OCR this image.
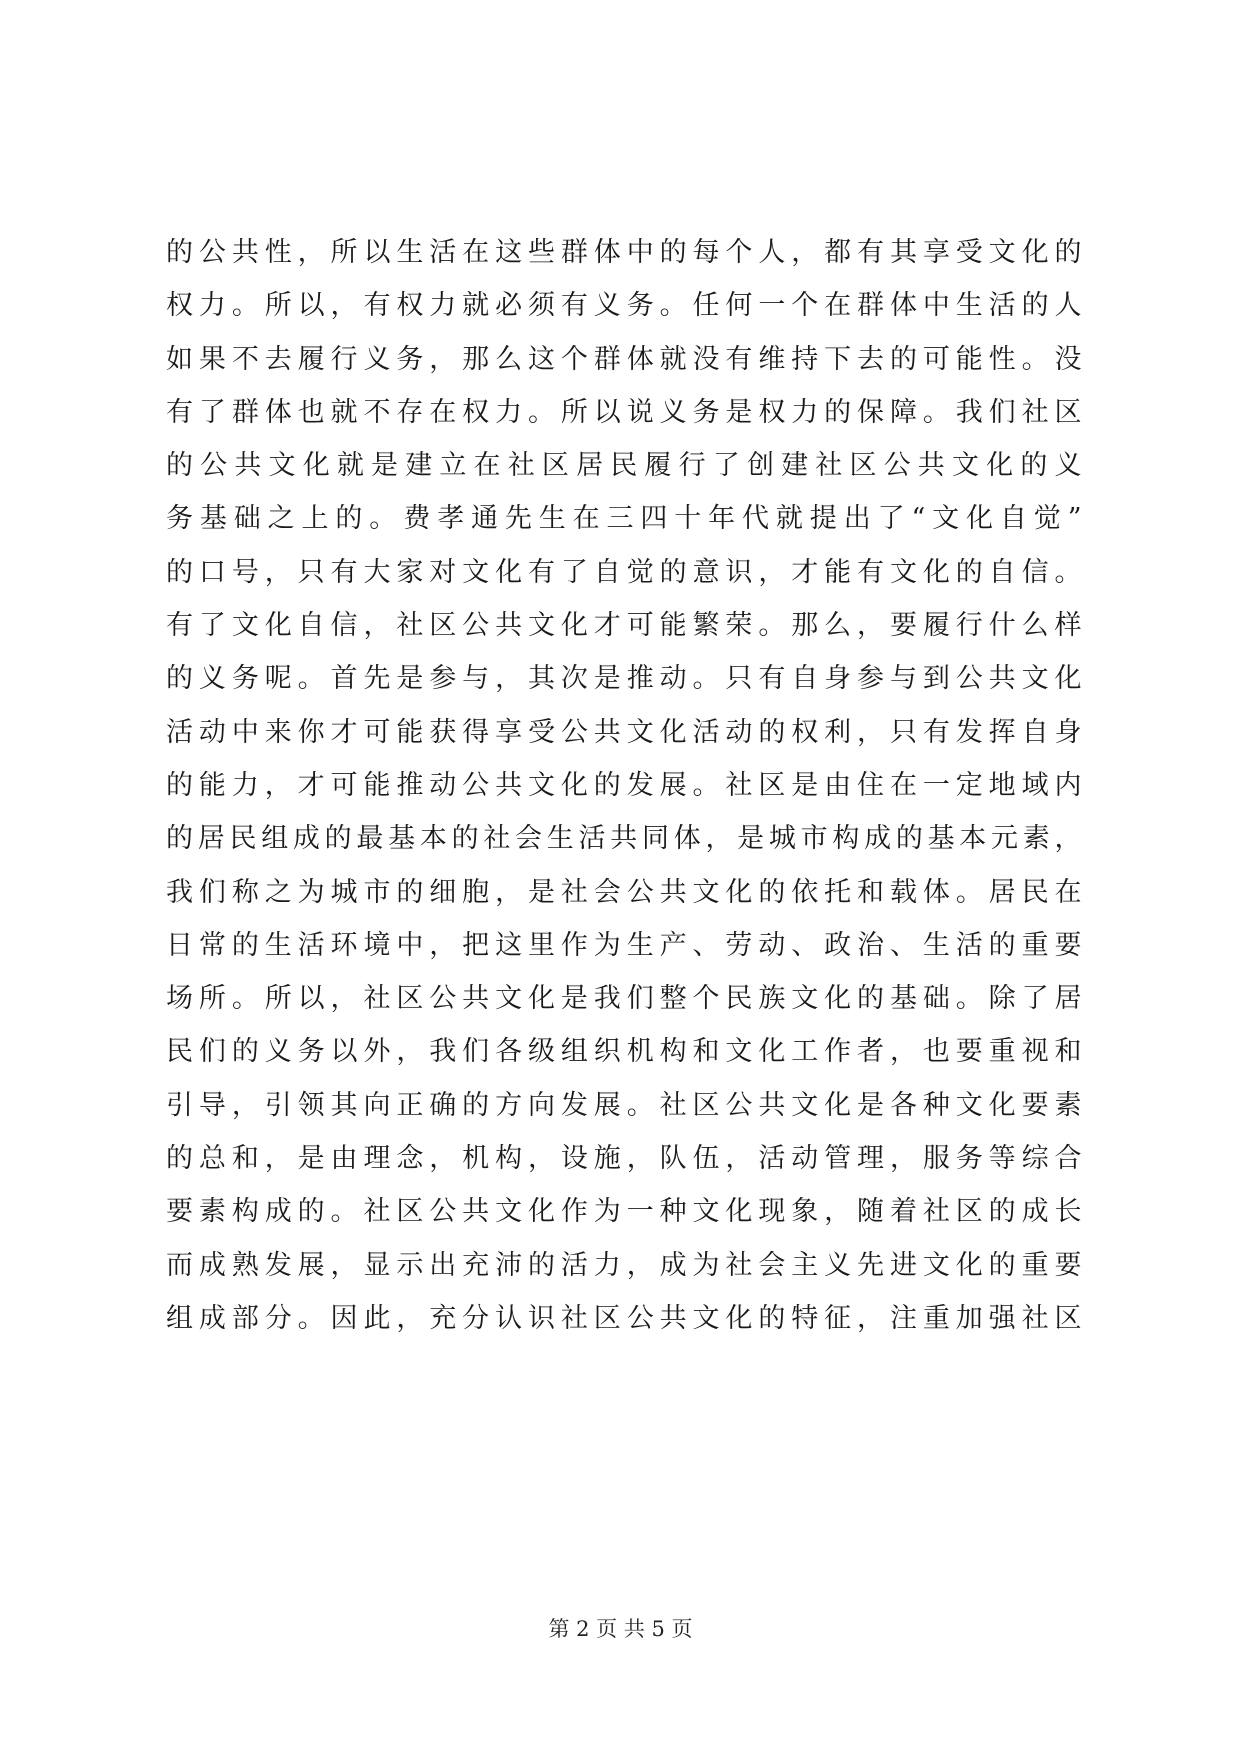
的公共性，所以生活在这些群体中的每个人，都有其享受文化的
权力。所以，有权力就必须有义务。任何一个在群体中生活的人
如果不去履行义务，那么这个群体就没有维持下去的可能性。没
有了群体也就不存在权力。所以说义务是权力的保障。我们社区
的公共文化就是建立在社区居民履行了创建社区公共文化的义
务基础之上的。费孝通先生在三四十年代就提出了“文化自觉”
的口号，只有大家对文化有了自觉的意识，才能有文化的自信。
有了文化自信，社区公共文化才可能繁荣。那么，要履行什么样
的义务呢。首先是参与，其次是推动。只有自身参与到公共文化
活动中来你才可能获得享受公共文化活动的权利，只有发挥自身
的能力，才可能推动公共文化的发展。社区是由住在一定地域内
的居民组成的最基本的社会生活共同体，是城市构成的基本元素，
我们称之为城市的细胞，是社会公共文化的依托和载体。居民在
日常的生活环境中，把这里作为生产、劳动、政治、生活的重要
场所。所以，社区公共文化是我们整个民族文化的基础。除了居
民们的义务以外，我们各级组织机构和文化工作者，也要重视和
引导，引领其向正确的方向发展。社区公共文化是各种文化要素
的总和，是由理念，机构，设施，队伍，活动管理，服务等综合
要素构成的。社区公共文化作为一种文化现象，随着社区的成长
而成熟发展，显示出充沛的活力，成为社会主义先进文化的重要
组成部分。因此，充分认识社区公共文化的特征，注重加强社区
第 2 页 共 5 页
